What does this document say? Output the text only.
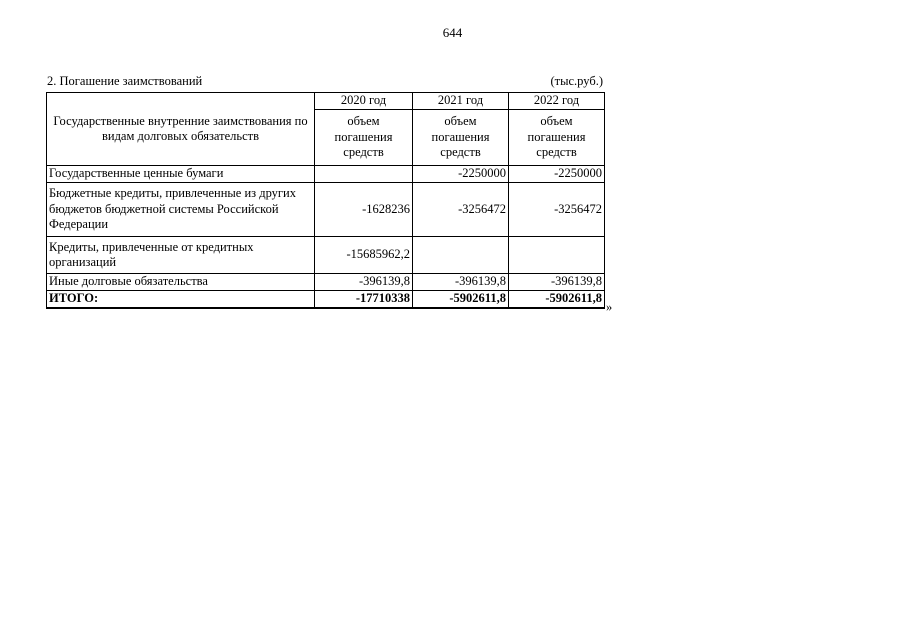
644
2. Погашение заимствований	(тыс.руб.)
Государственные внутренние заимствования по видам долговых обязательств	2020 год	2021 год	2022 год
	объем погашения средств	объем погашения средств	объем погашения средств
Государственные ценные бумаги		-2250000	-2250000
Бюджетные кредиты, привлеченные из других бюджетов бюджетной системы Российской Федерации	-1628236	-3256472	-3256472
Кредиты, привлеченные от кредитных организаций	-15685962,2		
Иные долговые обязательства	-396139,8	-396139,8	-396139,8
ИТОГО:	-17710338	-5902611,8	-5902611,8
»
